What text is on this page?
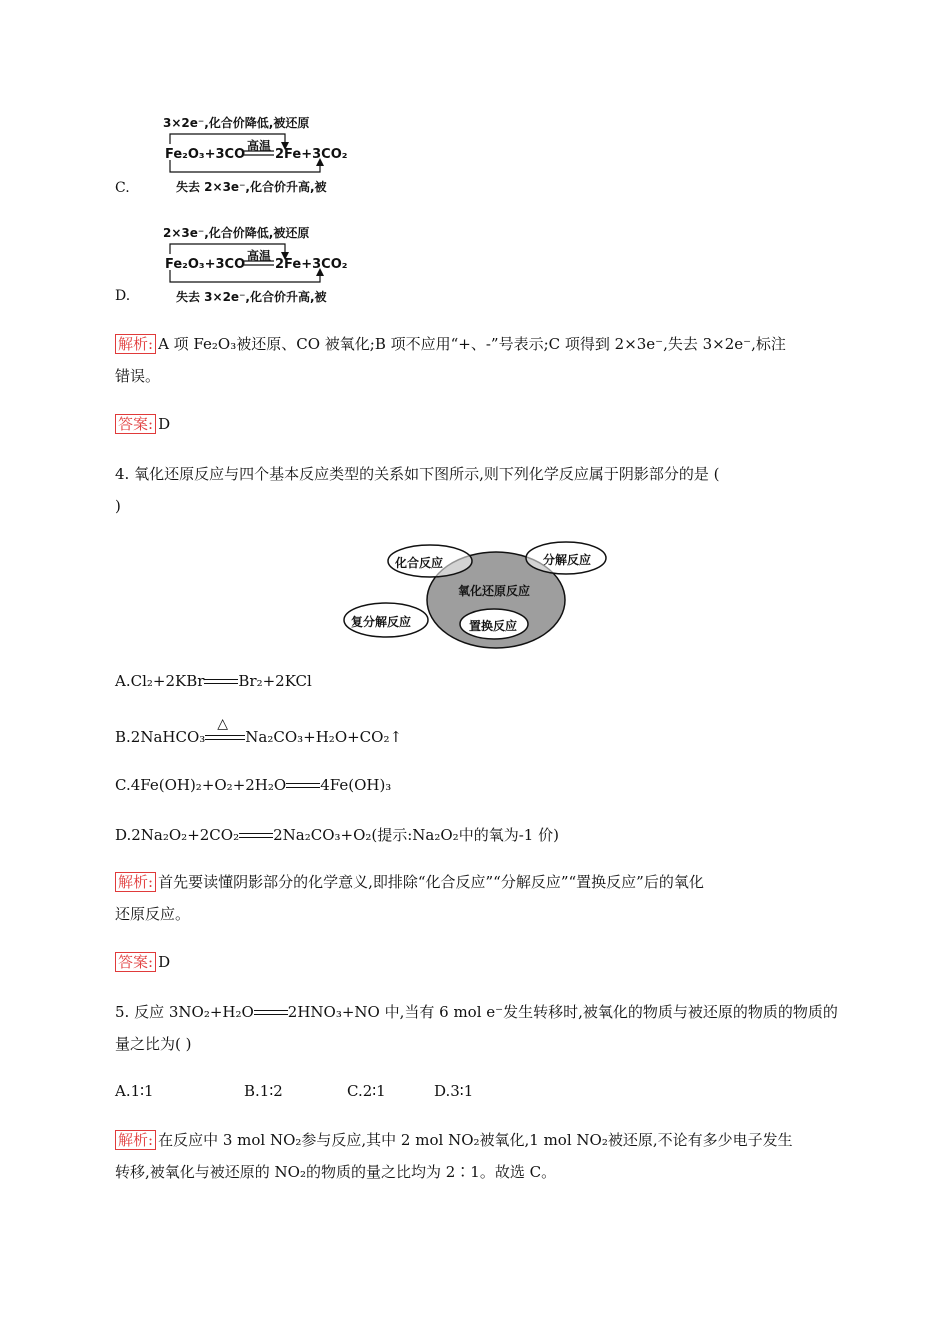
C.
3×2e⁻,化合价降低,被还原
高温
Fe₂O₃+3CO 2Fe+3CO₂
失去 2×3e⁻,化合价升高,被
D.
2×3e⁻,化合价降低,被还原
高温
Fe₂O₃+3CO 2Fe+3CO₂
失去 3×2e⁻,化合价升高,被
解析: A 项 Fe₂O₃被还原、CO 被氧化;B 项不应用“+、-”号表示;C 项得到 2×3e⁻,失去 3×2e⁻,标注
错误。
答案: D
4. 氧化还原反应与四个基本反应类型的关系如下图所示,则下列化学反应属于阴影部分的是 (
)
化合反应	分解反应
氧化还原反应
复分解反应	置换反应
A.Cl₂+2KBr Br₂+2KCl
B.2NaHCO₃
△
Na₂CO₃+H₂O+CO₂↑
C.4Fe(OH)₂+O₂+2H₂O 4Fe(OH)₃
D.2Na₂O₂+2CO₂ 2Na₂CO₃+O₂(提示:Na₂O₂中的氧为-1 价)
解析: 首先要读懂阴影部分的化学意义,即排除“化合反应”“分解反应”“置换反应”后的氧化
还原反应。
答案: D
5. 反应 3NO₂+H₂O 2HNO₃+NO 中,当有 6 mol e⁻发生转移时,被氧化的物质与被还原的物质的物质的
量之比为( )
A.1∶1	B.1∶2	C.2∶1	D.3∶1
解析: 在反应中 3 mol NO₂参与反应,其中 2 mol NO₂被氧化,1 mol NO₂被还原,不论有多少电子发生
转移,被氧化与被还原的 NO₂的物质的量之比均为 2∶1。故选 C。
